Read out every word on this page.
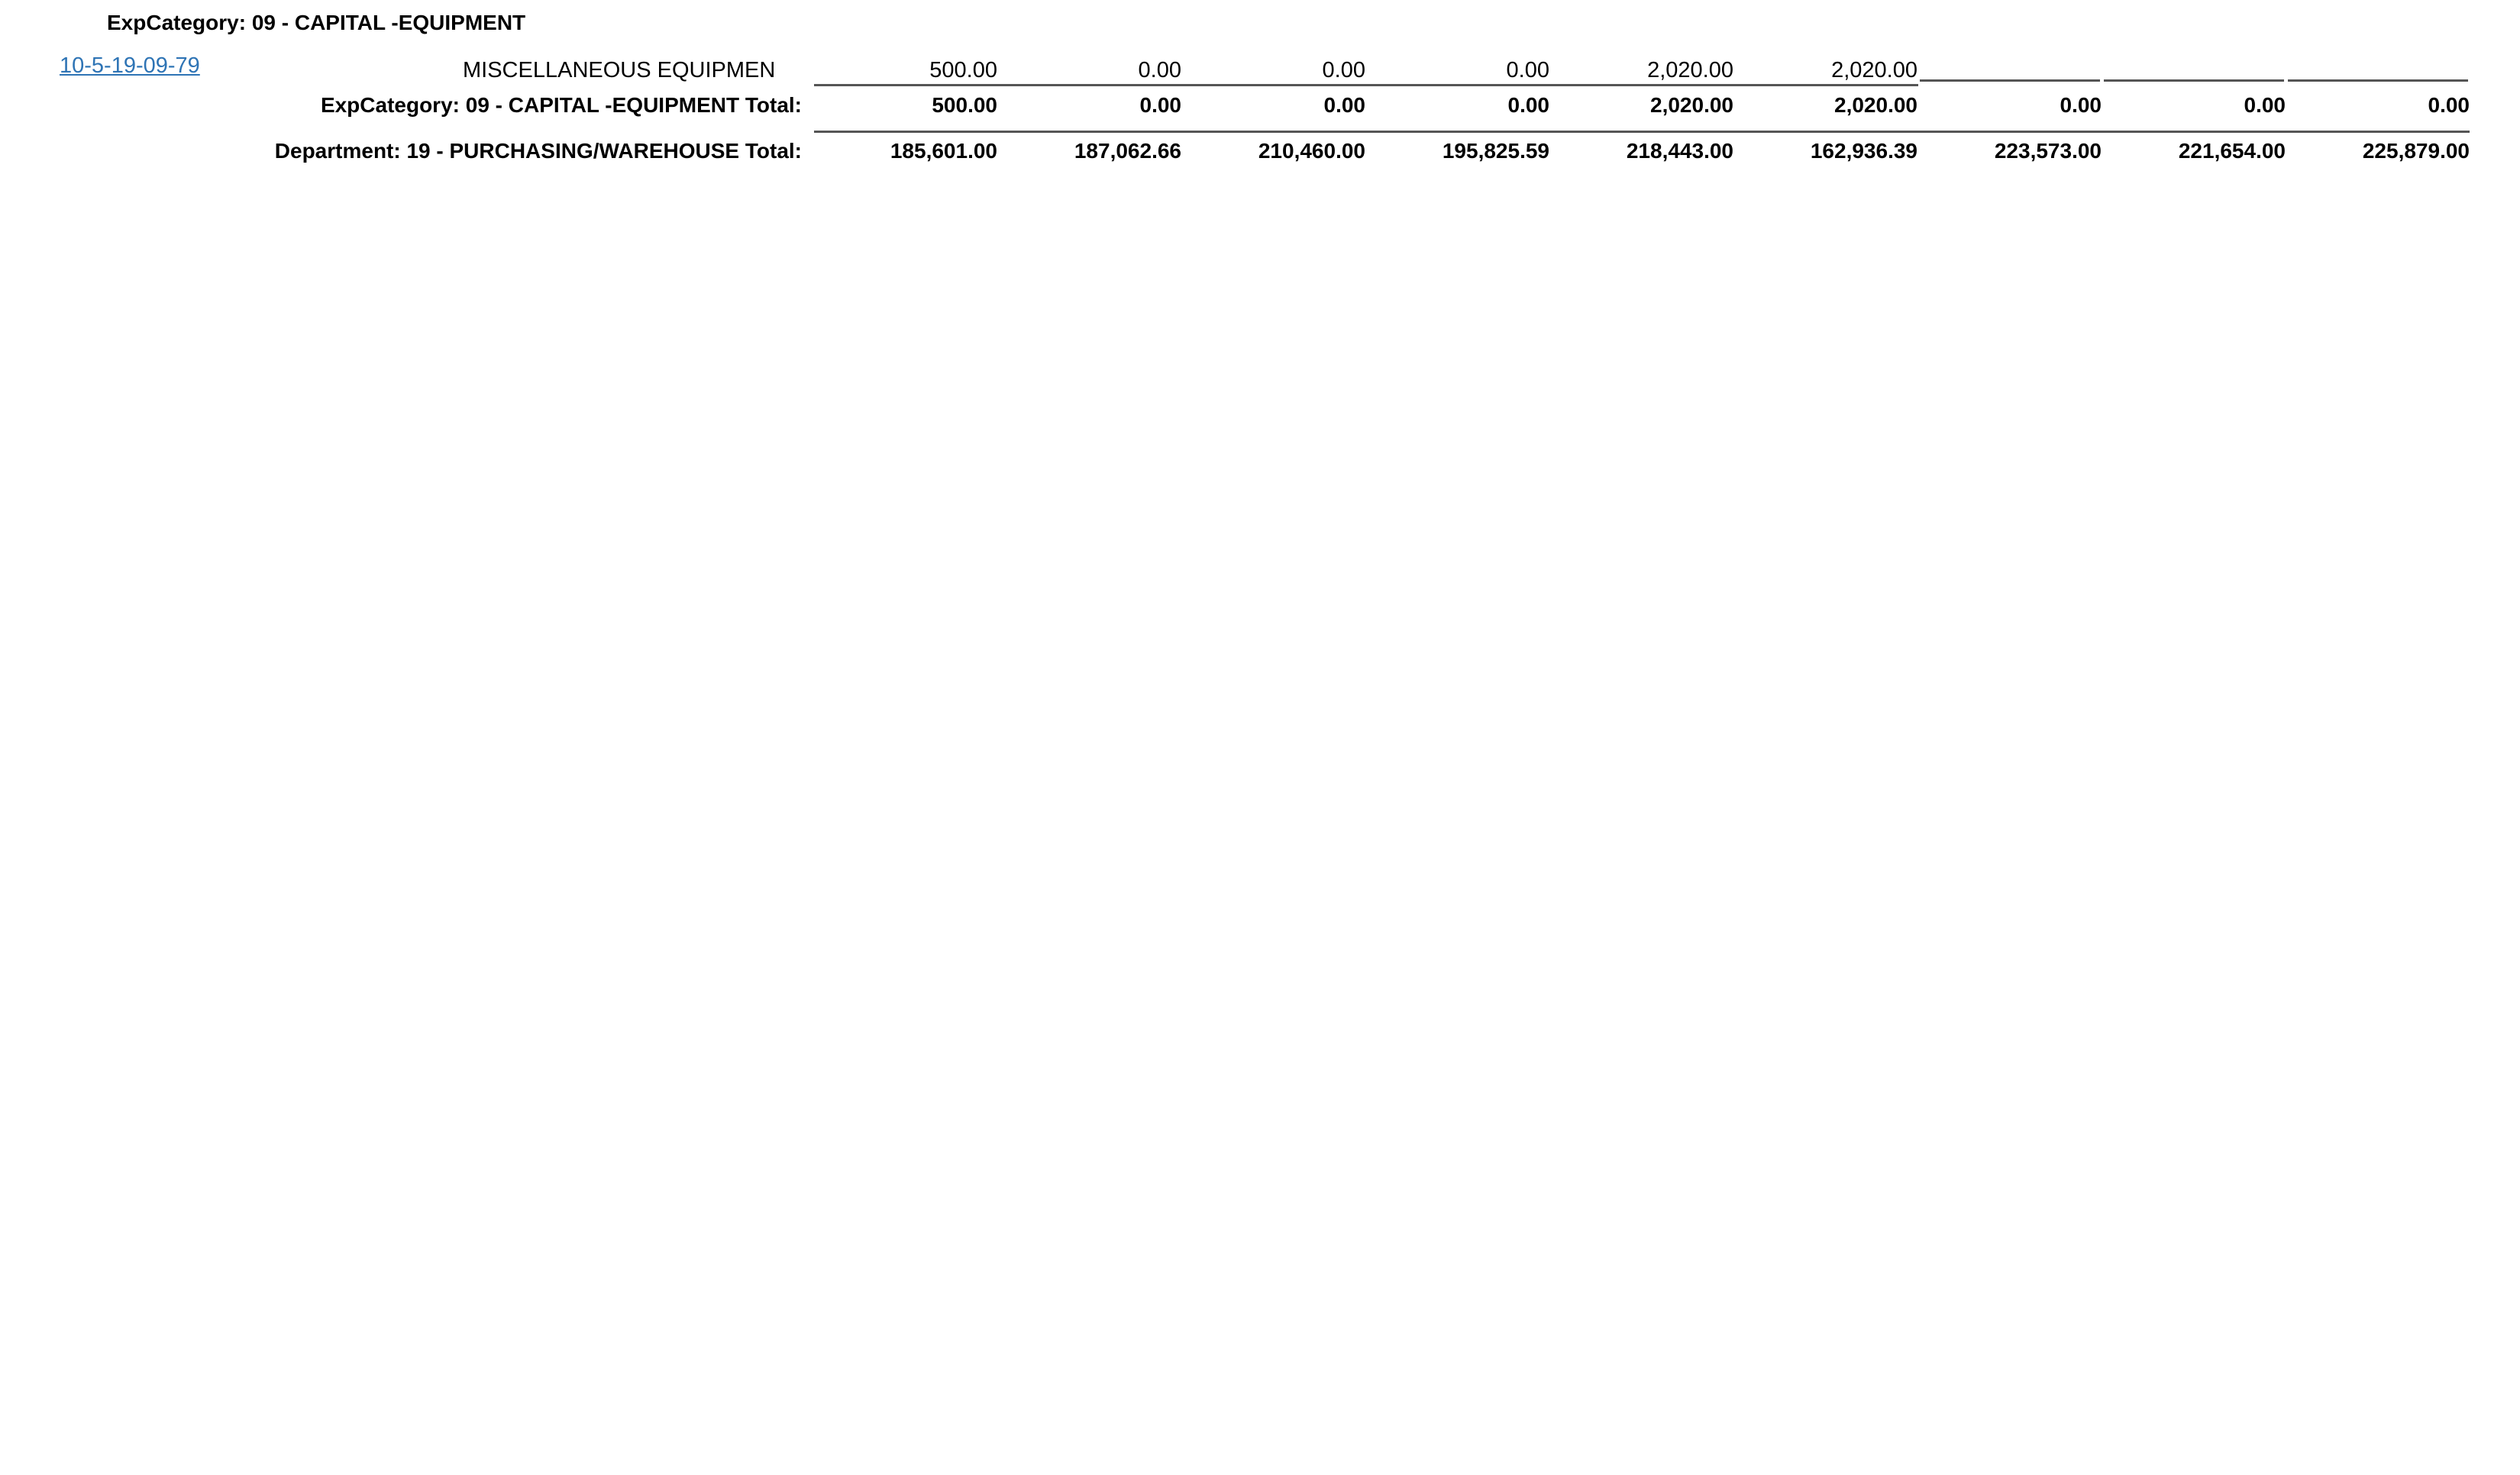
ExpCategory: 09 - CAPITAL -EQUIPMENT
10-5-19-09-79	MISCELLANEOUS EQUIPMEN	500.00	0.00	0.00	0.00	2,020.00	2,020.00
ExpCategory: 09 - CAPITAL -EQUIPMENT Total:	500.00	0.00	0.00	0.00	2,020.00	2,020.00	0.00	0.00	0.00
Department: 19 - PURCHASING/WAREHOUSE Total:	185,601.00	187,062.66	210,460.00	195,825.59	218,443.00	162,936.39	223,573.00	221,654.00	225,879.00
